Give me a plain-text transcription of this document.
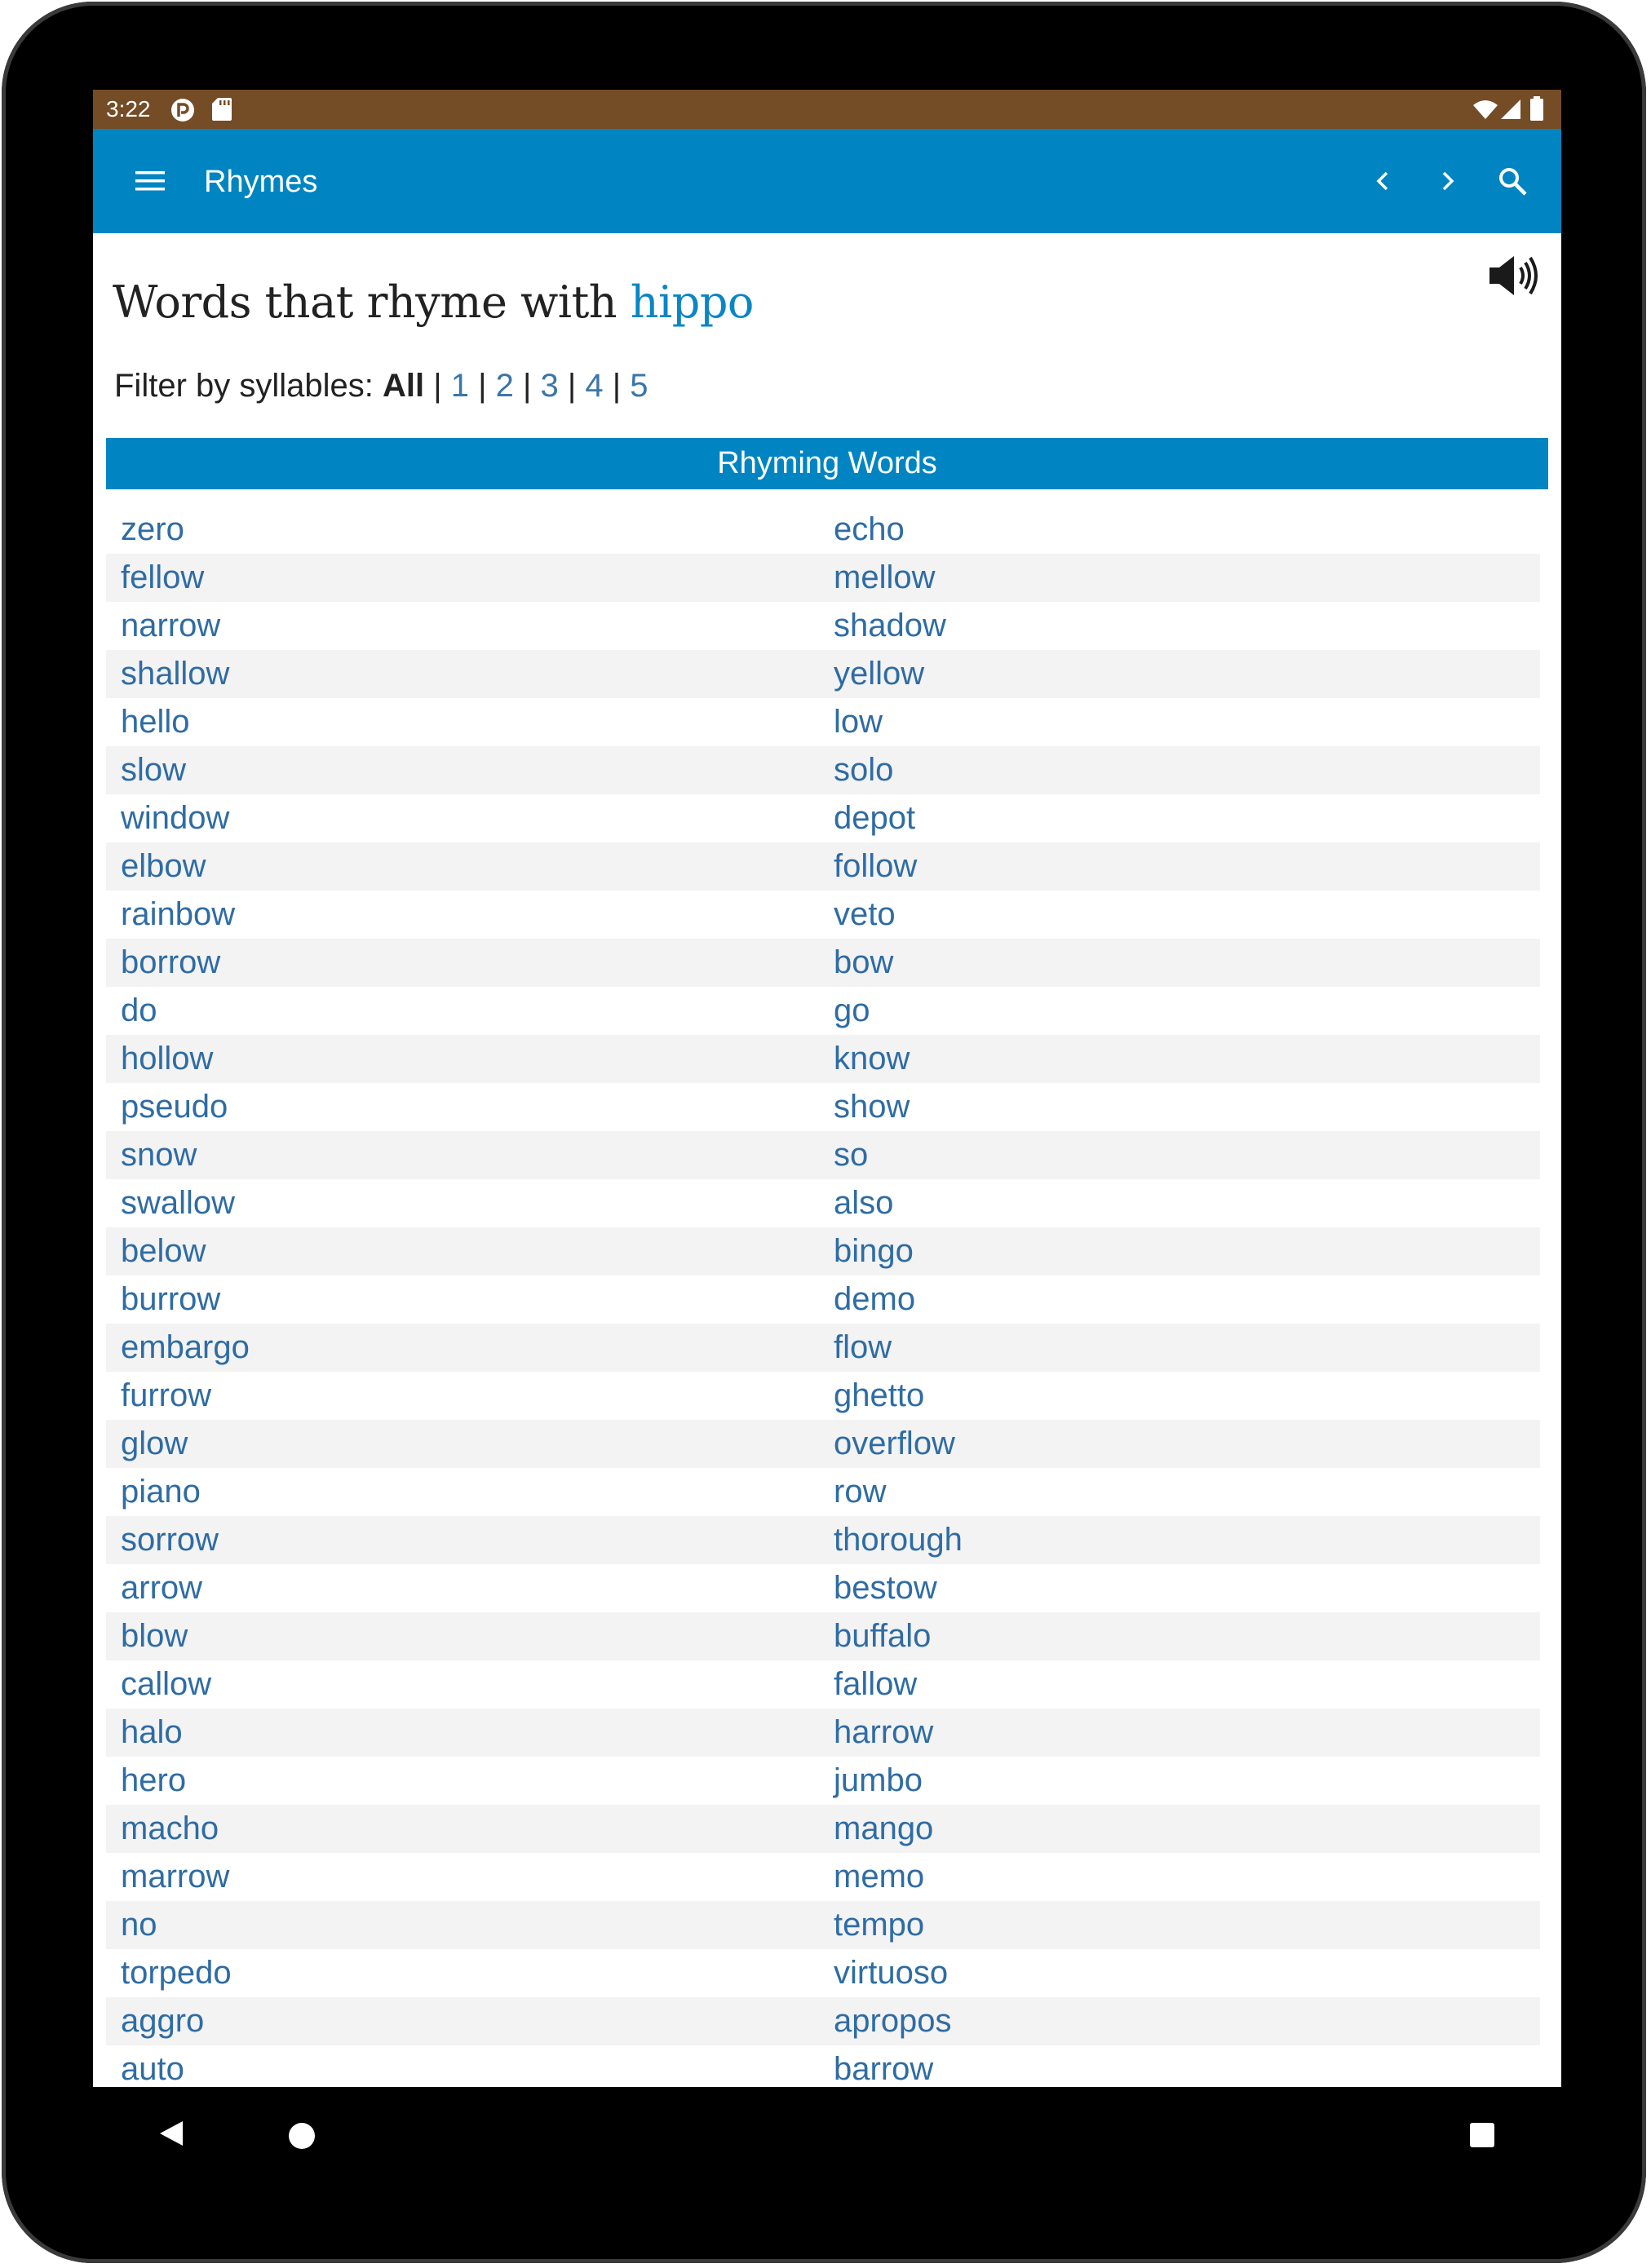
3:22
Rhymes
Words that rhyme with hippo
Filter by syllables: All | 1 | 2 | 3 | 4 | 5
Rhyming Words
zero	echo
fellow	mellow
narrow	shadow
shallow	yellow
hello	low
slow	solo
window	depot
elbow	follow
rainbow	veto
borrow	bow
do	go
hollow	know
pseudo	show
snow	so
swallow	also
below	bingo
burrow	demo
embargo	flow
furrow	ghetto
glow	overflow
piano	row
sorrow	thorough
arrow	bestow
blow	buffalo
callow	fallow
halo	harrow
hero	jumbo
macho	mango
marrow	memo
no	tempo
torpedo	virtuoso
aggro	apropos
auto	barrow
